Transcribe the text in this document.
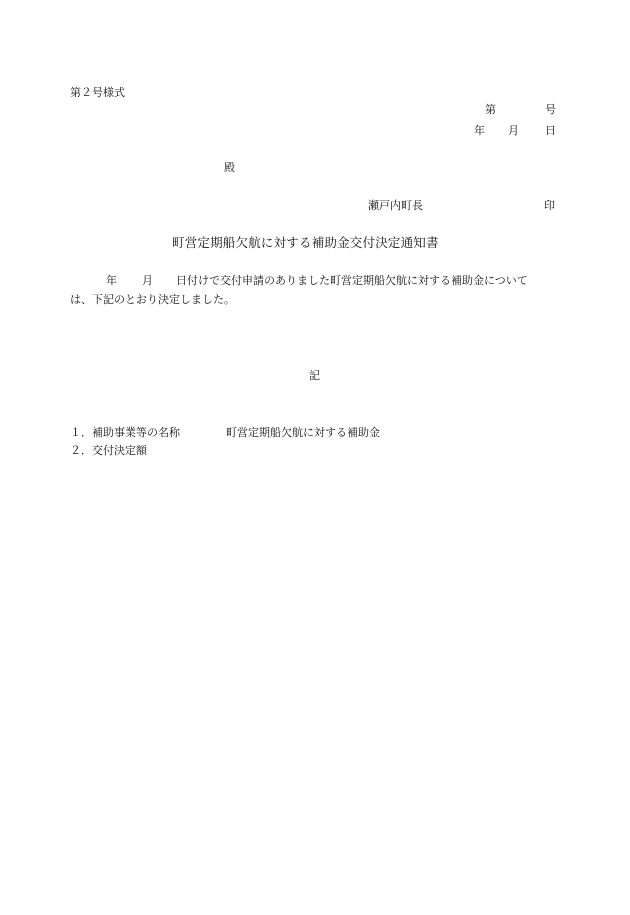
第２号様式
第	号
年 月 日
殿
瀬戸内町長	印
町営定期船欠航に対する補助金交付決定通知書
年 月 日付けで交付申請のありました町営定期船欠航に対する補助金について
は、下記のとおり決定しました。
記
１．補助事業等の名称	町営定期船欠航に対する補助金
２．交付決定額
